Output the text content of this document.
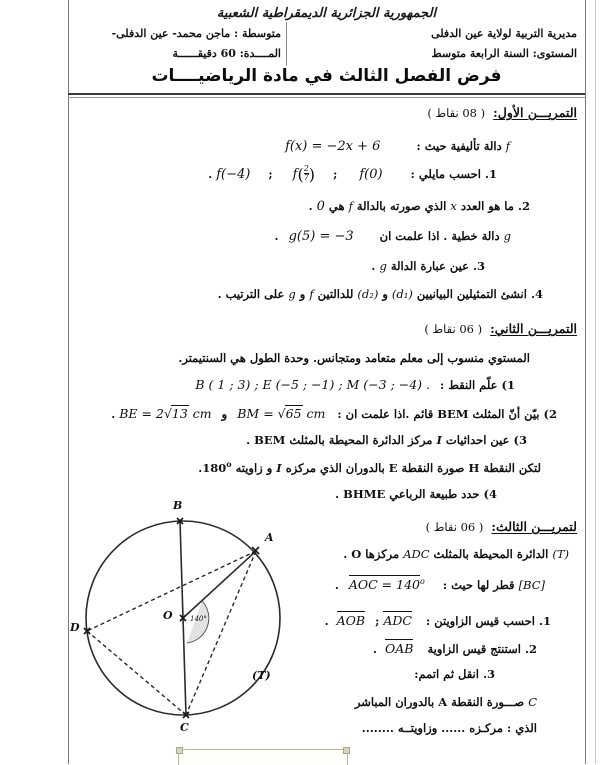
الجمهورية الجزائرية الديمقراطية الشعبية
مديرية التربية لولاية عين الدفلى
المستوى: السنة الرابعة متوسط
متوسطة : ماجن محمد- عين الدفلى-
المــــدة: 60 دقيقــــــة
فرض الفصل الثالث في مادة الرياضيــــات
التمريـــن الأول:( 08 نقاط )
f دالة تأليفية حيث : f(x) = −2x + 6
1. احسب مايلي : f(0) ; $f( \frac{2}{7}$ ) ; f(−4) .
2. ما هو العدد x الذي صورته بالدالة f هي 0 .
g دالة خطية . اذا علمت ان g(5) = −3 .
3. عين عبارة الدالة g .
4. انشئ التمثيلين البيانيين (d₁) و (d₂) للدالتين f و g على الترتيب .
التمريـــن الثاني:( 06 نقاط )
المستوي منسوب إلى معلم متعامد ومتجانس. وحدة الطول هي السنتيمتر.
1) علّم النقط : B ( 1 ; 3) ; E (−5 ; −1) ; M (−3 ; −4) .
2) بيّن أنّ المثلث BEM قائم .اذا علمت ان : BM = √65 cm و BE = 2√13 cm .
3) عين احداثيات I مركز الدائرة المحيطة بالمثلث BEM .
لتكن النقطة H صورة النقطة E بالدوران الذي مركزه I و زاويته 180$^o$.
4) حدد طبيعة الرباعي BHME .
لتمريـــن الثالث:( 06 نقاط )
(T) الدائرة المحيطة بالمثلث ADC مركزها O .
[BC] قطر لها حيث : AOC = $140^o$ .
1. احسب قيس الزاويتن : ADC ; AOB .
2. استنتج قيس الزاوية OAB .
3. انقل ثم اتمم:
C صـــورة النقطة A بالدوران المباشر
الذي : مركـزه ...... وزاويتــه ........
B
A
C
D
O
(T)
140°
